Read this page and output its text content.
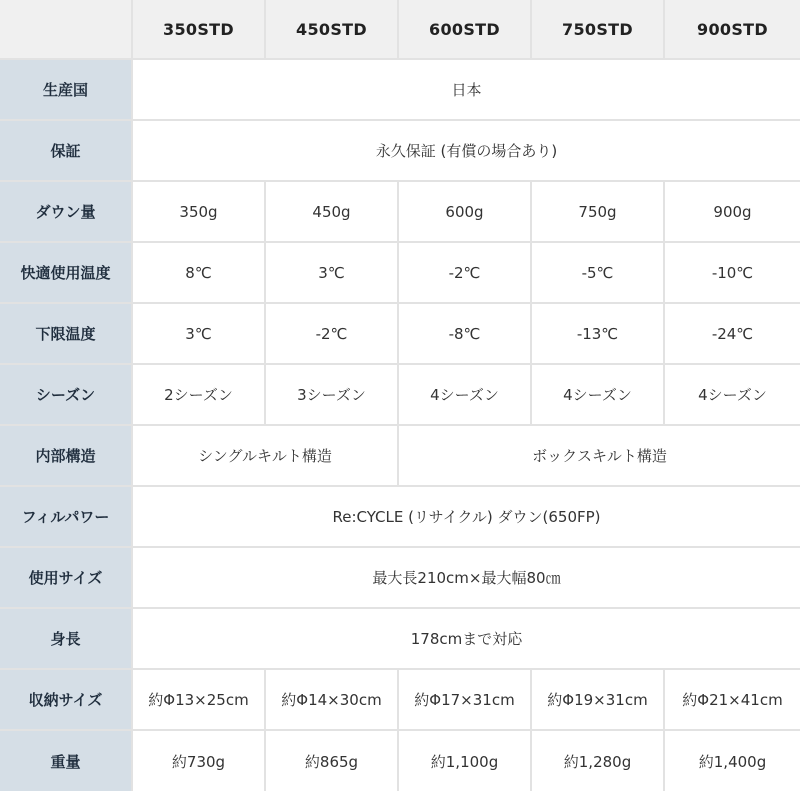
	350STD	450STD	600STD	750STD	900STD
生産国	日本				
保証	永久保証 (有償の場合あり)				
ダウン量	350g	450g	600g	750g	900g
快適使用温度	8℃	3℃	-2℃	-5℃	-10℃
下限温度	3℃	-2℃	-8℃	-13℃	-24℃
シーズン	2シーズン	3シーズン	4シーズン	4シーズン	4シーズン
内部構造	シングルキルト構造		ボックスキルト構造		
フィルパワー	Re:CYCLE (リサイクル) ダウン(650FP)				
使用サイズ	最大長210cm×最大幅80㎝				
身長	178cmまで対応				
収納サイズ	約Φ13×25cm	約Φ14×30cm	約Φ17×31cm	約Φ19×31cm	約Φ21×41cm
重量	約730g	約865g	約1,100g	約1,280g	約1,400g
